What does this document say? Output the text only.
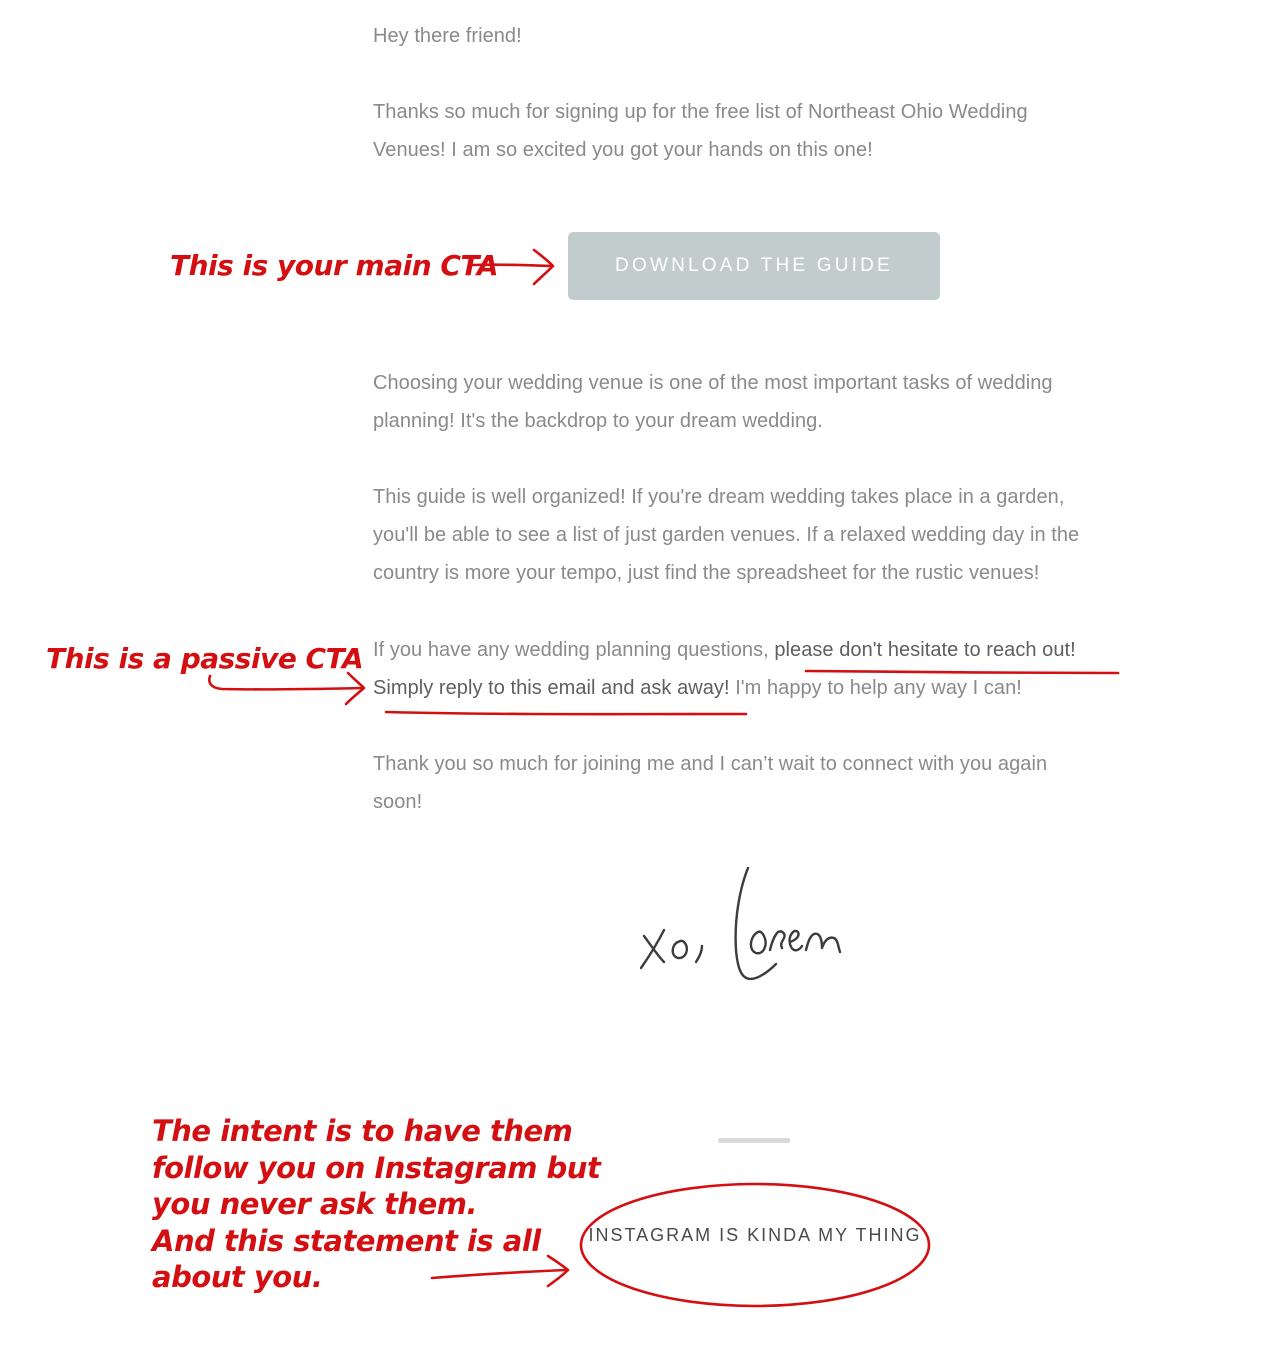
Hey there friend!

Thanks so much for signing up for the free list of Northeast Ohio Wedding
Venues! I am so excited you got your hands on this one!

DOWNLOAD THE GUIDE

Choosing your wedding venue is one of the most important tasks of wedding
planning! It's the backdrop to your dream wedding.

This guide is well organized! If you're dream wedding takes place in a garden,
you'll be able to see a list of just garden venues. If a relaxed wedding day in the
country is more your tempo, just find the spreadsheet for the rustic venues!

If you have any wedding planning questions, please don't hesitate to reach out!
Simply reply to this email and ask away! I'm happy to help any way I can!

Thank you so much for joining me and I can’t wait to connect with you again
soon!

INSTAGRAM IS KINDA MY THING
This is your main CTA
This is a passive CTA
The intent is to have them
follow you on Instagram but
you never ask them.
And this statement is all
about you.
